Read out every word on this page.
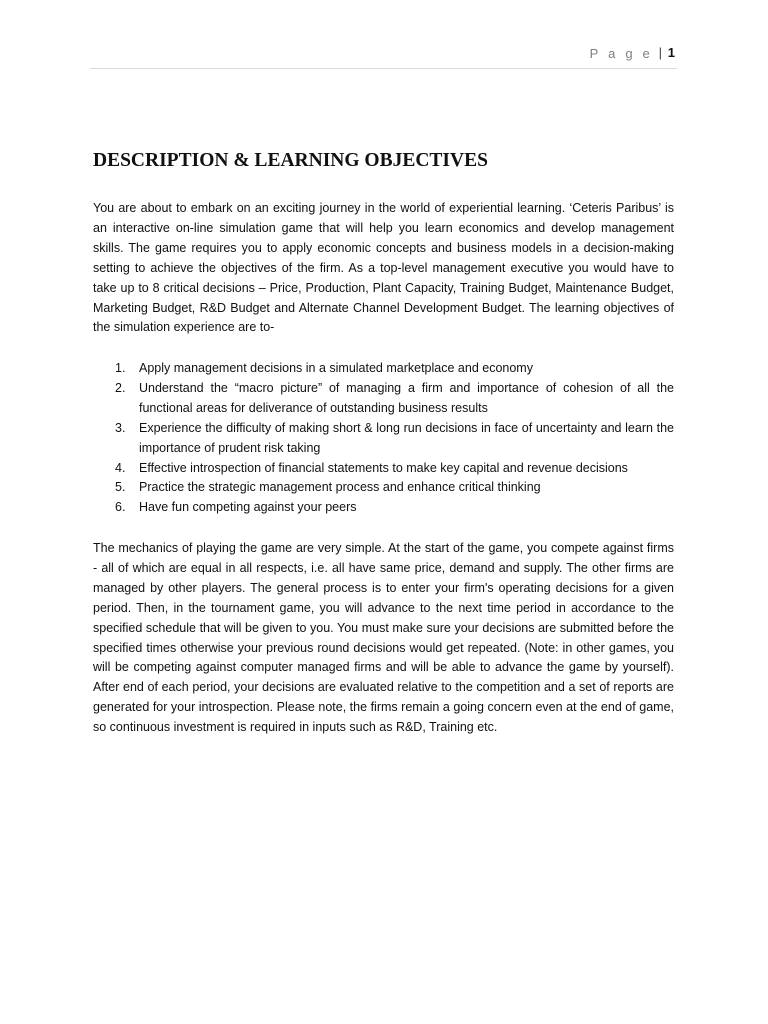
P a g e | 1
DESCRIPTION & LEARNING OBJECTIVES

You are about to embark on an exciting journey in the world of experiential learning. ‘Ceteris Paribus’ is an interactive on-line simulation game that will help you learn economics and develop management skills. The game requires you to apply economic concepts and business models in a decision-making setting to achieve the objectives of the firm. As a top-level management executive you would have to take up to 8 critical decisions – Price, Production, Plant Capacity, Training Budget, Maintenance Budget, Marketing Budget, R&D Budget and Alternate Channel Development Budget. The learning objectives of the simulation experience are to-

1. Apply management decisions in a simulated marketplace and economy
2. Understand the “macro picture” of managing a firm and importance of cohesion of all the functional areas for deliverance of outstanding business results
3. Experience the difficulty of making short & long run decisions in face of uncertainty and learn the importance of prudent risk taking
4. Effective introspection of financial statements to make key capital and revenue decisions
5. Practice the strategic management process and enhance critical thinking
6. Have fun competing against your peers

The mechanics of playing the game are very simple. At the start of the game, you compete against firms - all of which are equal in all respects, i.e. all have same price, demand and supply. The other firms are managed by other players. The general process is to enter your firm's operating decisions for a given period. Then, in the tournament game, you will advance to the next time period in accordance to the specified schedule that will be given to you. You must make sure your decisions are submitted before the specified times otherwise your previous round decisions would get repeated. (Note: in other games, you will be competing against computer managed firms and will be able to advance the game by yourself). After end of each period, your decisions are evaluated relative to the competition and a set of reports are generated for your introspection. Please note, the firms remain a going concern even at the end of game, so continuous investment is required in inputs such as R&D, Training etc.
